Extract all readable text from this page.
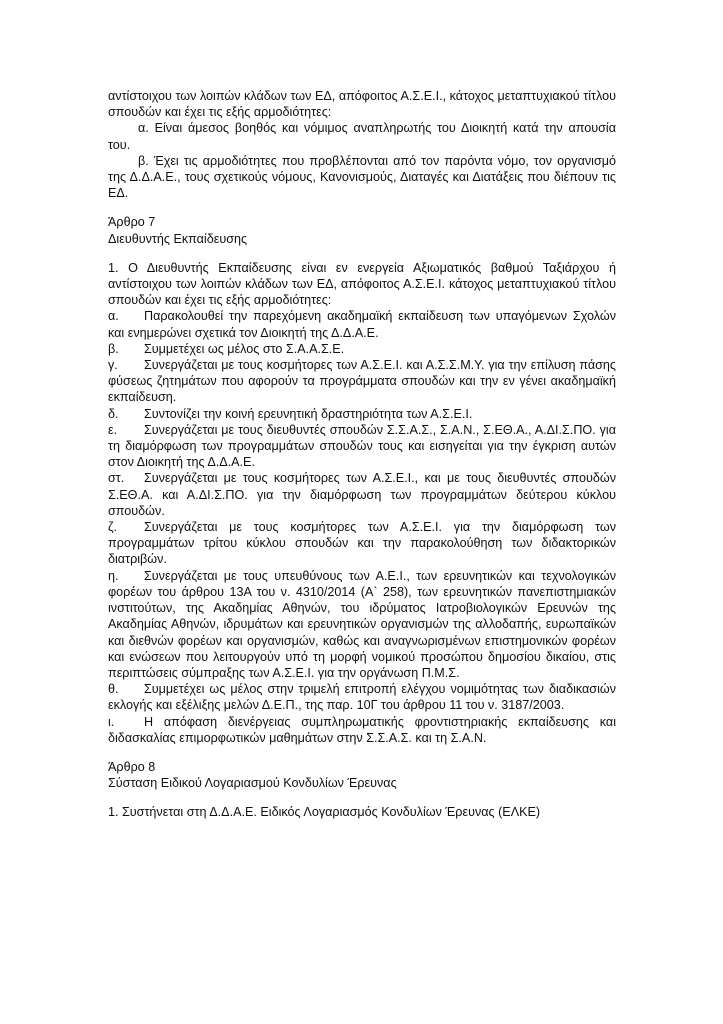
αντίστοιχου των λοιπών κλάδων των ΕΔ, απόφοιτος Α.Σ.Ε.Ι., κάτοχος μεταπτυχιακού τίτλου σπουδών και έχει τις εξής αρμοδιότητες:

α. Είναι άμεσος βοηθός και νόμιμος αναπληρωτής του Διοικητή κατά την απουσία του.

β. Έχει τις αρμοδιότητες που προβλέπονται από τον παρόντα νόμο, τον οργανισμό της Δ.Δ.Α.Ε., τους σχετικούς νόμους, Κανονισμούς, Διαταγές και Διατάξεις που διέπουν τις ΕΔ.

Άρθρο 7

Διευθυντής Εκπαίδευσης

1. Ο Διευθυντής Εκπαίδευσης είναι εν ενεργεία Αξιωματικός βαθμού Ταξιάρχου ή αντίστοιχου των λοιπών κλάδων των ΕΔ, απόφοιτος Α.Σ.Ε.Ι. κάτοχος μεταπτυχιακού τίτλου σπουδών και έχει τις εξής αρμοδιότητες:

α. Παρακολουθεί την παρεχόμενη ακαδημαϊκή εκπαίδευση των υπαγόμενων Σχολών και ενημερώνει σχετικά τον Διοικητή της Δ.Δ.Α.Ε.
β.	Συμμετέχει ως μέλος στο Σ.Α.Α.Σ.Ε.
γ. Συνεργάζεται με τους κοσμήτορες των Α.Σ.Ε.Ι. και Α.Σ.Σ.Μ.Υ. για την επίλυση πάσης φύσεως ζητημάτων που αφορούν τα προγράμματα σπουδών και την εν γένει ακαδημαϊκή εκπαίδευση.
δ.	Συντονίζει την κοινή ερευνητική δραστηριότητα των Α.Σ.Ε.Ι.
ε. Συνεργάζεται με τους διευθυντές σπουδών Σ.Σ.Α.Σ., Σ.Α.Ν., Σ.ΕΘ.Α., Α.ΔΙ.Σ.ΠΟ. για τη διαμόρφωση των προγραμμάτων σπουδών τους και εισηγείται για την έγκριση αυτών στον Διοικητή της Δ.Δ.Α.Ε.
στ. Συνεργάζεται με τους κοσμήτορες των Α.Σ.Ε.Ι., και με τους διευθυντές σπουδών Σ.ΕΘ.Α. και Α.ΔΙ.Σ.ΠΟ. για την διαμόρφωση των προγραμμάτων δεύτερου κύκλου σπουδών.
ζ. Συνεργάζεται με τους κοσμήτορες των Α.Σ.Ε.Ι. για την διαμόρφωση των προγραμμάτων τρίτου κύκλου σπουδών και την παρακολούθηση των διδακτορικών διατριβών.
η. Συνεργάζεται με τους υπευθύνους των Α.Ε.Ι., των ερευνητικών και τεχνολογικών φορέων του άρθρου 13Α του ν. 4310/2014 (Α` 258), των ερευνητικών πανεπιστημιακών ινστιτούτων, της Ακαδημίας Αθηνών, του ιδρύματος Ιατροβιολογικών Ερευνών της Ακαδημίας Αθηνών, ιδρυμάτων και ερευνητικών οργανισμών της αλλοδαπής, ευρωπαϊκών και διεθνών φορέων και οργανισμών, καθώς και αναγνωρισμένων επιστημονικών φορέων και ενώσεων που λειτουργούν υπό τη μορφή νομικού προσώπου δημοσίου δικαίου, στις περιπτώσεις σύμπραξης των Α.Σ.Ε.Ι. για την οργάνωση Π.Μ.Σ.
θ. Συμμετέχει ως μέλος στην τριμελή επιτροπή ελέγχου νομιμότητας των διαδικασιών εκλογής και εξέλιξης μελών Δ.Ε.Π., της παρ. 10Γ του άρθρου 11 του ν. 3187/2003.
ι. Η απόφαση διενέργειας συμπληρωματικής φροντιστηριακής εκπαίδευσης και διδασκαλίας επιμορφωτικών μαθημάτων στην Σ.Σ.Α.Σ. και τη Σ.Α.Ν.

Άρθρο 8

Σύσταση Ειδικού Λογαριασμού Κονδυλίων Έρευνας

1. Συστήνεται στη Δ.Δ.Α.Ε. Ειδικός Λογαριασμός Κονδυλίων Έρευνας (ΕΛΚΕ)
